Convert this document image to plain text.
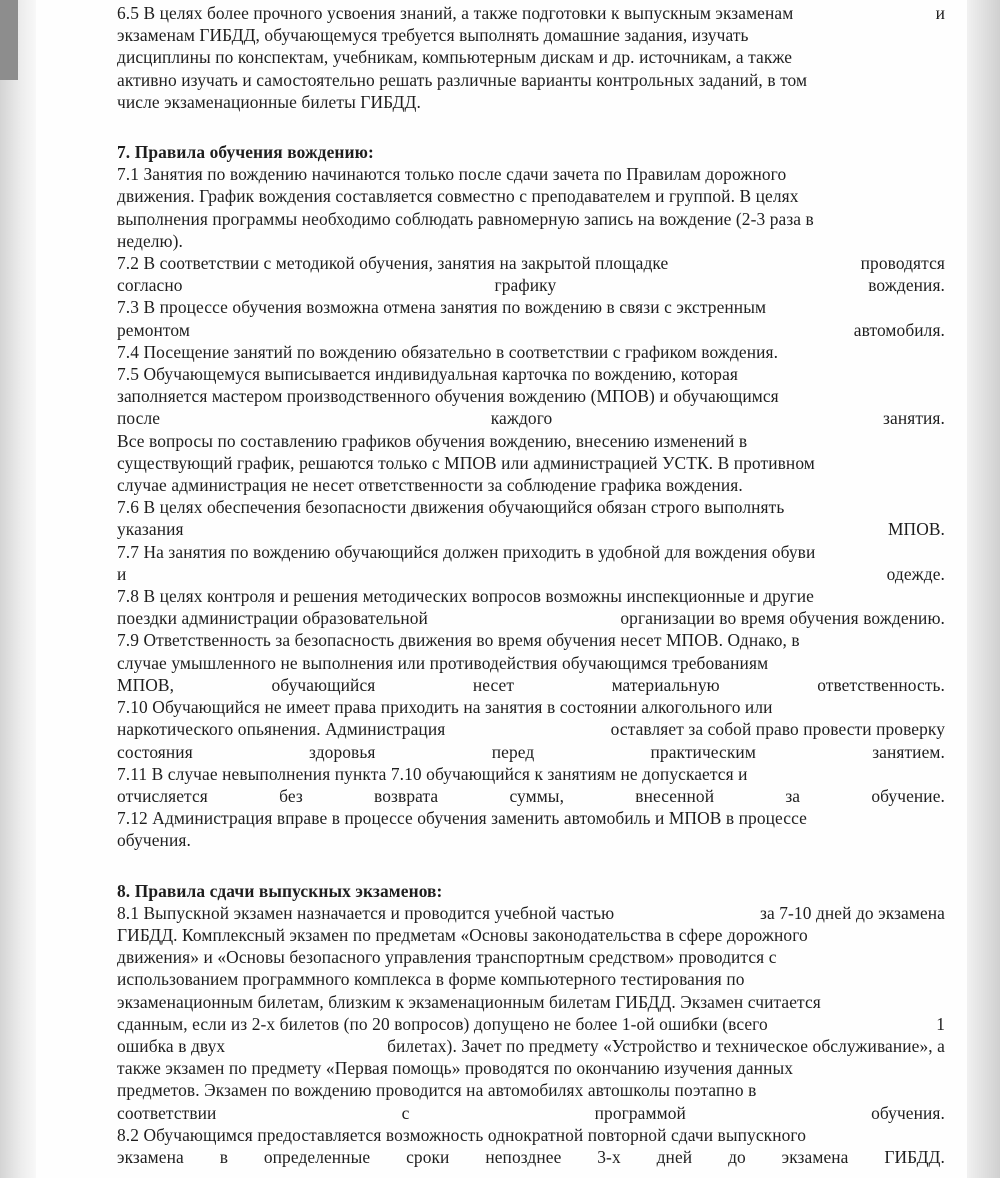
6.5 В целях более прочного усвоения знаний, а также подготовки к выпускным экзаменам	и
экзаменам ГИБДД, обучающемуся требуется выполнять домашние задания, изучать
дисциплины по конспектам, учебникам, компьютерным дискам и др. источникам, а также
активно изучать и самостоятельно решать различные варианты контрольных заданий, в том
числе экзаменационные билеты ГИБДД.
7. Правила обучения вождению:
7.1 Занятия по вождению начинаются только после сдачи зачета по Правилам дорожного
движения. График вождения составляется совместно с преподавателем и группой. В целях
выполнения программы необходимо соблюдать равномерную запись на вождение (2-3 раза в
неделю).
7.2 В соответствии с методикой обучения, занятия на закрытой площадке	проводятся
согласно	графику	вождения.
7.3 В процессе обучения возможна отмена занятия по вождению в связи с экстренным
ремонтом	автомобиля.
7.4 Посещение занятий по вождению обязательно в соответствии с графиком вождения.
7.5 Обучающемуся выписывается индивидуальная карточка по вождению, которая
заполняется мастером производственного обучения вождению (МПОВ) и обучающимся
после	каждого	занятия.
Все вопросы по составлению графиков обучения вождению, внесению изменений в
существующий график, решаются только с МПОВ или администрацией УСТК. В противном
случае администрация не несет ответственности за соблюдение графика вождения.
7.6 В целях обеспечения безопасности движения обучающийся обязан строго выполнять
указания	МПОВ.
7.7 На занятия по вождению обучающийся должен приходить в удобной для вождения обуви
и	одежде.
7.8 В целях контроля и решения методических вопросов возможны инспекционные и другие
поездки администрации образовательной	организации во время обучения вождению.
7.9 Ответственность за безопасность движения во время обучения несет МПОВ. Однако, в
случае умышленного не выполнения или противодействия обучающимся требованиям
МПОВ,	обучающийся	несет	материальную	ответственность.
7.10 Обучающийся не имеет права приходить на занятия в состоянии алкогольного или
наркотического опьянения. Администрация	оставляет за собой право провести проверку
состояния	здоровья	перед	практическим	занятием.
7.11 В случае невыполнения пункта 7.10 обучающийся к занятиям не допускается и
отчисляется	без	возврата	суммы,	внесенной	за	обучение.
7.12 Администрация вправе в процессе обучения заменить автомобиль и МПОВ в процессе
обучения.
8. Правила сдачи выпускных экзаменов:
8.1 Выпускной экзамен назначается и проводится учебной частью	за 7-10 дней до экзамена
ГИБДД. Комплексный экзамен по предметам «Основы законодательства в сфере дорожного
движения» и «Основы безопасного управления транспортным средством» проводится с
использованием программного комплекса в форме компьютерного тестирования по
экзаменационным билетам, близким к экзаменационным билетам ГИБДД. Экзамен считается
сданным, если из 2-х билетов (по 20 вопросов) допущено не более 1-ой ошибки (всего	1
ошибка в двух	билетах). Зачет по предмету «Устройство и техническое обслуживание», а
также экзамен по предмету «Первая помощь» проводятся по окончанию изучения данных
предметов. Экзамен по вождению проводится на автомобилях автошколы поэтапно в
соответствии	с	программой	обучения.
8.2 Обучающимся предоставляется возможность однократной повторной сдачи выпускного
экзамена в определенные сроки непозднее 3-х дней до экзамена ГИБДД.
